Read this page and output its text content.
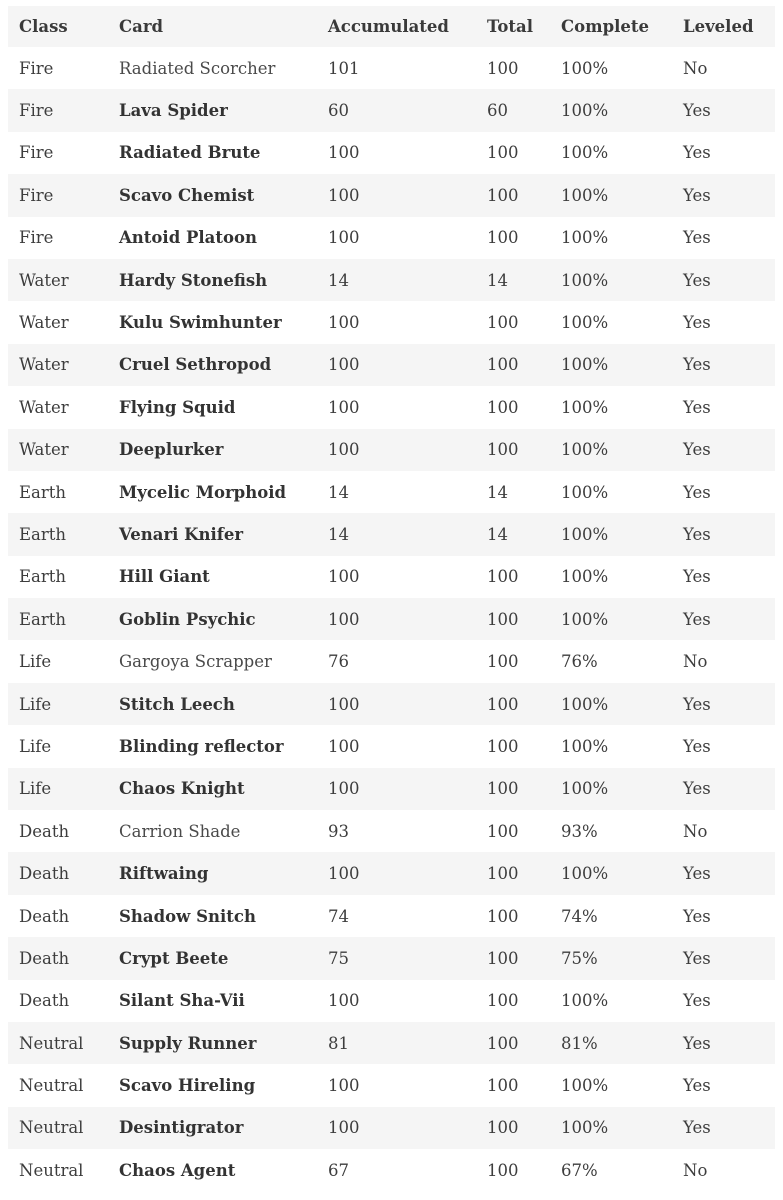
Class	Card	Accumulated	Total	Complete	Leveled
Fire	Radiated Scorcher	101	100	100%	No
Fire	Lava Spider	60	60	100%	Yes
Fire	Radiated Brute	100	100	100%	Yes
Fire	Scavo Chemist	100	100	100%	Yes
Fire	Antoid Platoon	100	100	100%	Yes
Water	Hardy Stonefish	14	14	100%	Yes
Water	Kulu Swimhunter	100	100	100%	Yes
Water	Cruel Sethropod	100	100	100%	Yes
Water	Flying Squid	100	100	100%	Yes
Water	Deeplurker	100	100	100%	Yes
Earth	Mycelic Morphoid	14	14	100%	Yes
Earth	Venari Knifer	14	14	100%	Yes
Earth	Hill Giant	100	100	100%	Yes
Earth	Goblin Psychic	100	100	100%	Yes
Life	Gargoya Scrapper	76	100	76%	No
Life	Stitch Leech	100	100	100%	Yes
Life	Blinding reflector	100	100	100%	Yes
Life	Chaos Knight	100	100	100%	Yes
Death	Carrion Shade	93	100	93%	No
Death	Riftwaing	100	100	100%	Yes
Death	Shadow Snitch	74	100	74%	Yes
Death	Crypt Beete	75	100	75%	Yes
Death	Silant Sha-Vii	100	100	100%	Yes
Neutral	Supply Runner	81	100	81%	Yes
Neutral	Scavo Hireling	100	100	100%	Yes
Neutral	Desintigrator	100	100	100%	Yes
Neutral	Chaos Agent	67	100	67%	No
